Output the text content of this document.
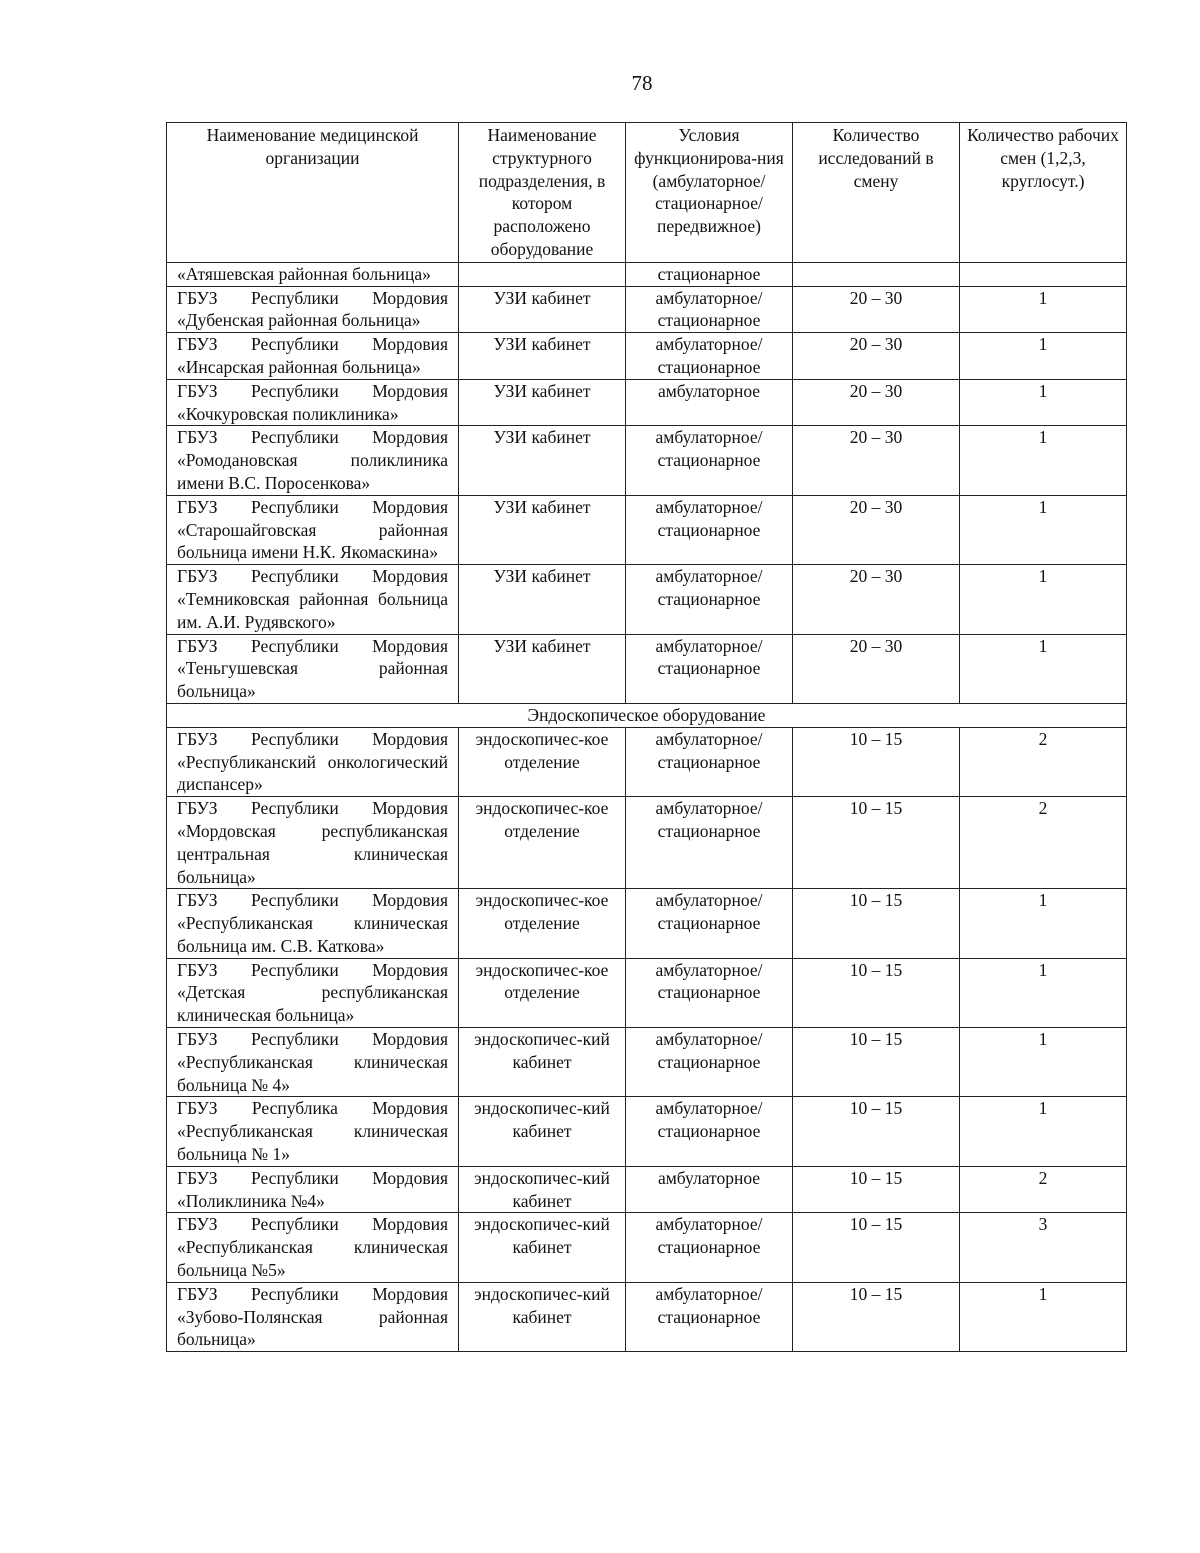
78
Наименование медицинской организации	Наименование структурного подразделения, в котором расположено оборудование	Условия функционирова-ния (амбулаторное/ стационарное/ передвижное)	Количество исследований в смену	Количество рабочих смен (1,2,3, круглосут.)
«Атяшевская районная больница»		стационарное		
ГБУЗ Республики Мордовия «Дубенская районная больница»	УЗИ кабинет	амбулаторное/ стационарное	20 – 30	1
ГБУЗ Республики Мордовия «Инсарская районная больница»	УЗИ кабинет	амбулаторное/ стационарное	20 – 30	1
ГБУЗ Республики Мордовия «Кочкуровская поликлиника»	УЗИ кабинет	амбулаторное	20 – 30	1
ГБУЗ Республики Мордовия «Ромодановская поликлиника имени В.С. Поросенкова»	УЗИ кабинет	амбулаторное/ стационарное	20 – 30	1
ГБУЗ Республики Мордовия «Старошайговская районная больница имени Н.К. Якомаскина»	УЗИ кабинет	амбулаторное/ стационарное	20 – 30	1
ГБУЗ Республики Мордовия «Темниковская районная больница им. А.И. Рудявского»	УЗИ кабинет	амбулаторное/ стационарное	20 – 30	1
ГБУЗ Республики Мордовия «Теньгушевская районная больница»	УЗИ кабинет	амбулаторное/ стационарное	20 – 30	1
Эндоскопическое оборудование				
ГБУЗ Республики Мордовия «Республиканский онкологический диспансер»	эндоскопичес-кое отделение	амбулаторное/ стационарное	10 – 15	2
ГБУЗ Республики Мордовия «Мордовская республиканская центральная клиническая больница»	эндоскопичес-кое отделение	амбулаторное/ стационарное	10 – 15	2
ГБУЗ Республики Мордовия «Республиканская клиническая больница им. С.В. Каткова»	эндоскопичес-кое отделение	амбулаторное/ стационарное	10 – 15	1
ГБУЗ Республики Мордовия «Детская республиканская клиническая больница»	эндоскопичес-кое отделение	амбулаторное/ стационарное	10 – 15	1
ГБУЗ Республики Мордовия «Республиканская клиническая больница № 4»	эндоскопичес-кий кабинет	амбулаторное/ стационарное	10 – 15	1
ГБУЗ Республика Мордовия «Республиканская клиническая больница № 1»	эндоскопичес-кий кабинет	амбулаторное/ стационарное	10 – 15	1
ГБУЗ Республики Мордовия «Поликлиника №4»	эндоскопичес-кий кабинет	амбулаторное	10 – 15	2
ГБУЗ Республики Мордовия «Республиканская клиническая больница №5»	эндоскопичес-кий кабинет	амбулаторное/ стационарное	10 – 15	3
ГБУЗ Республики Мордовия «Зубово-Полянская районная больница»	эндоскопичес-кий кабинет	амбулаторное/ стационарное	10 – 15	1
